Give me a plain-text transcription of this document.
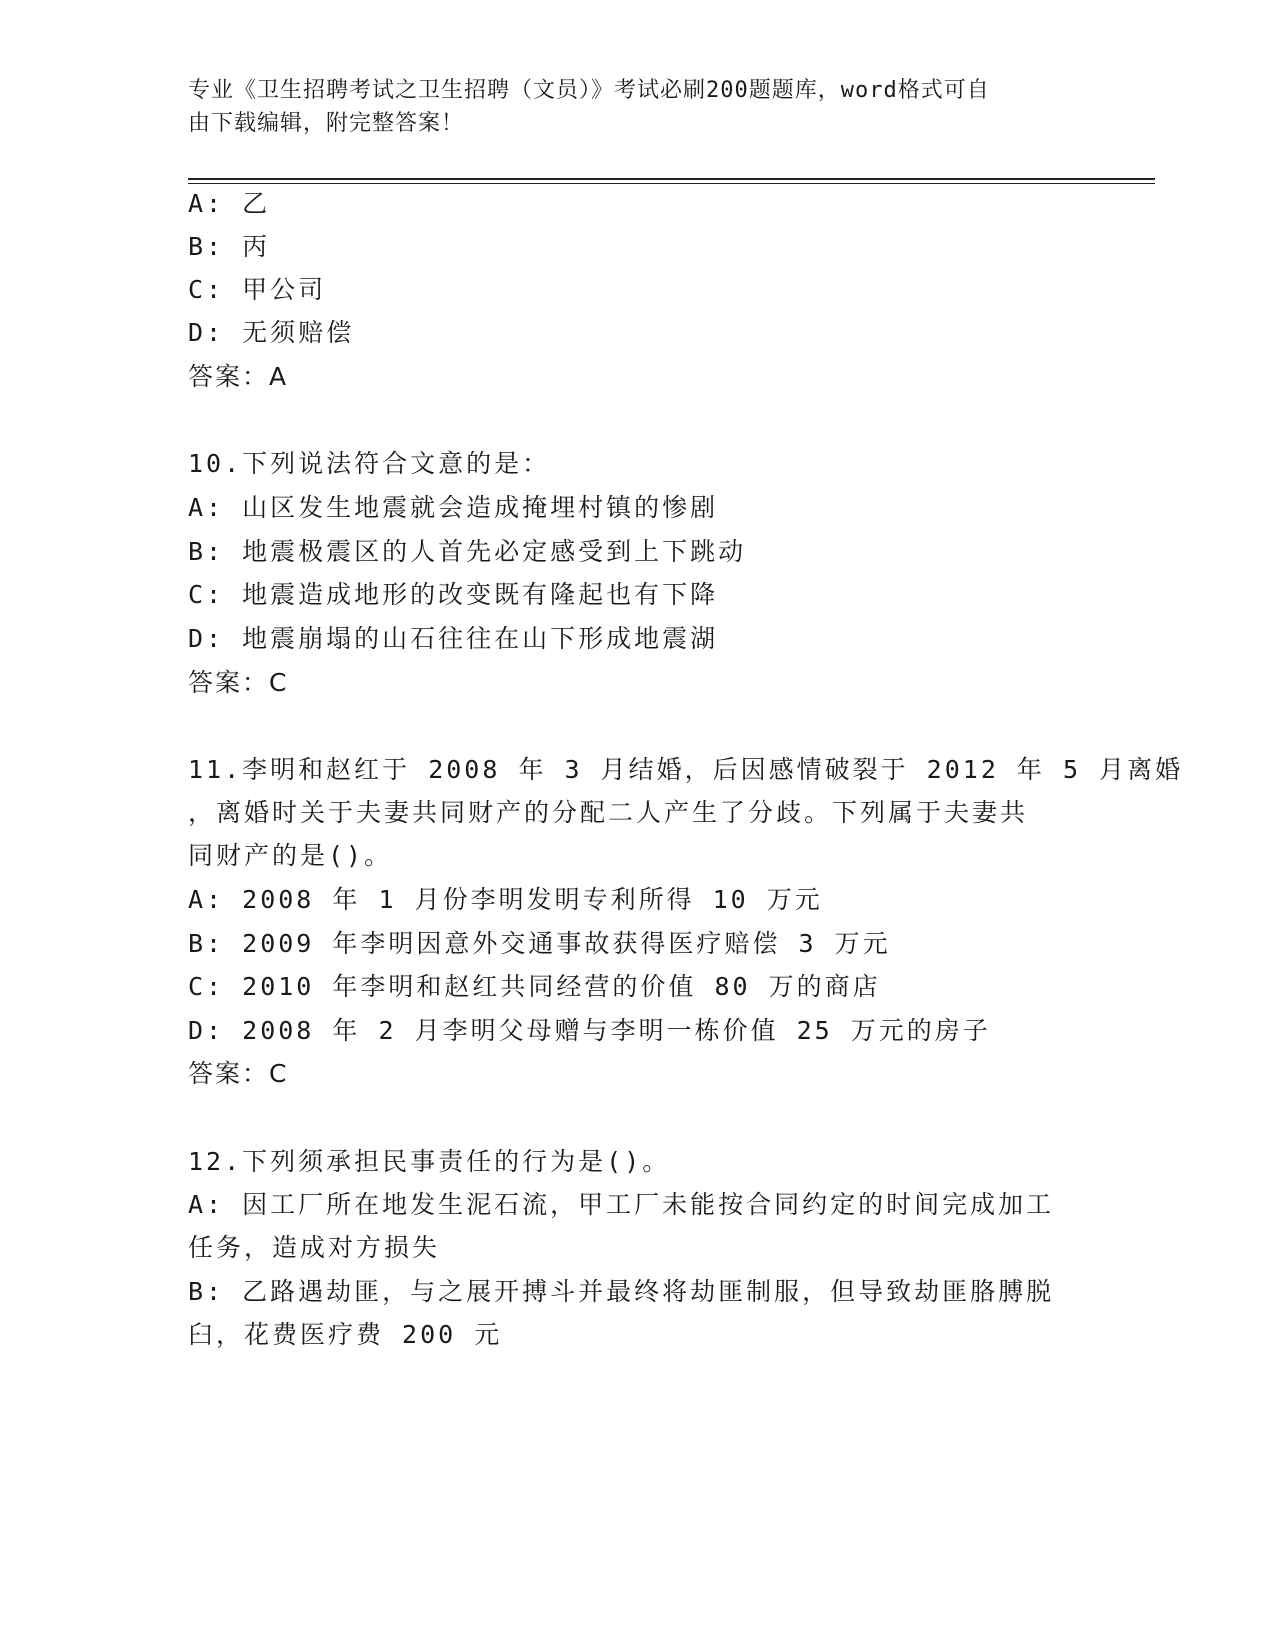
专业《卫生招聘考试之卫生招聘（文员）》考试必刷200题题库，word格式可自
由下载编辑，附完整答案！
A: 乙
B: 丙
C: 甲公司
D: 无须赔偿
答案：A
10.下列说法符合文意的是：
A: 山区发生地震就会造成掩埋村镇的惨剧
B: 地震极震区的人首先必定感受到上下跳动
C: 地震造成地形的改变既有隆起也有下降
D: 地震崩塌的山石往往在山下形成地震湖
答案：C
11.李明和赵红于 2008 年 3 月结婚，后因感情破裂于 2012 年 5 月离婚
，离婚时关于夫妻共同财产的分配二人产生了分歧。下列属于夫妻共
同财产的是()。
A: 2008 年 1 月份李明发明专利所得 10 万元
B: 2009 年李明因意外交通事故获得医疗赔偿 3 万元
C: 2010 年李明和赵红共同经营的价值 80 万的商店
D: 2008 年 2 月李明父母赠与李明一栋价值 25 万元的房子
答案：C
12.下列须承担民事责任的行为是()。
A: 因工厂所在地发生泥石流，甲工厂未能按合同约定的时间完成加工
任务，造成对方损失
B: 乙路遇劫匪，与之展开搏斗并最终将劫匪制服，但导致劫匪胳膊脱
臼，花费医疗费 200 元
